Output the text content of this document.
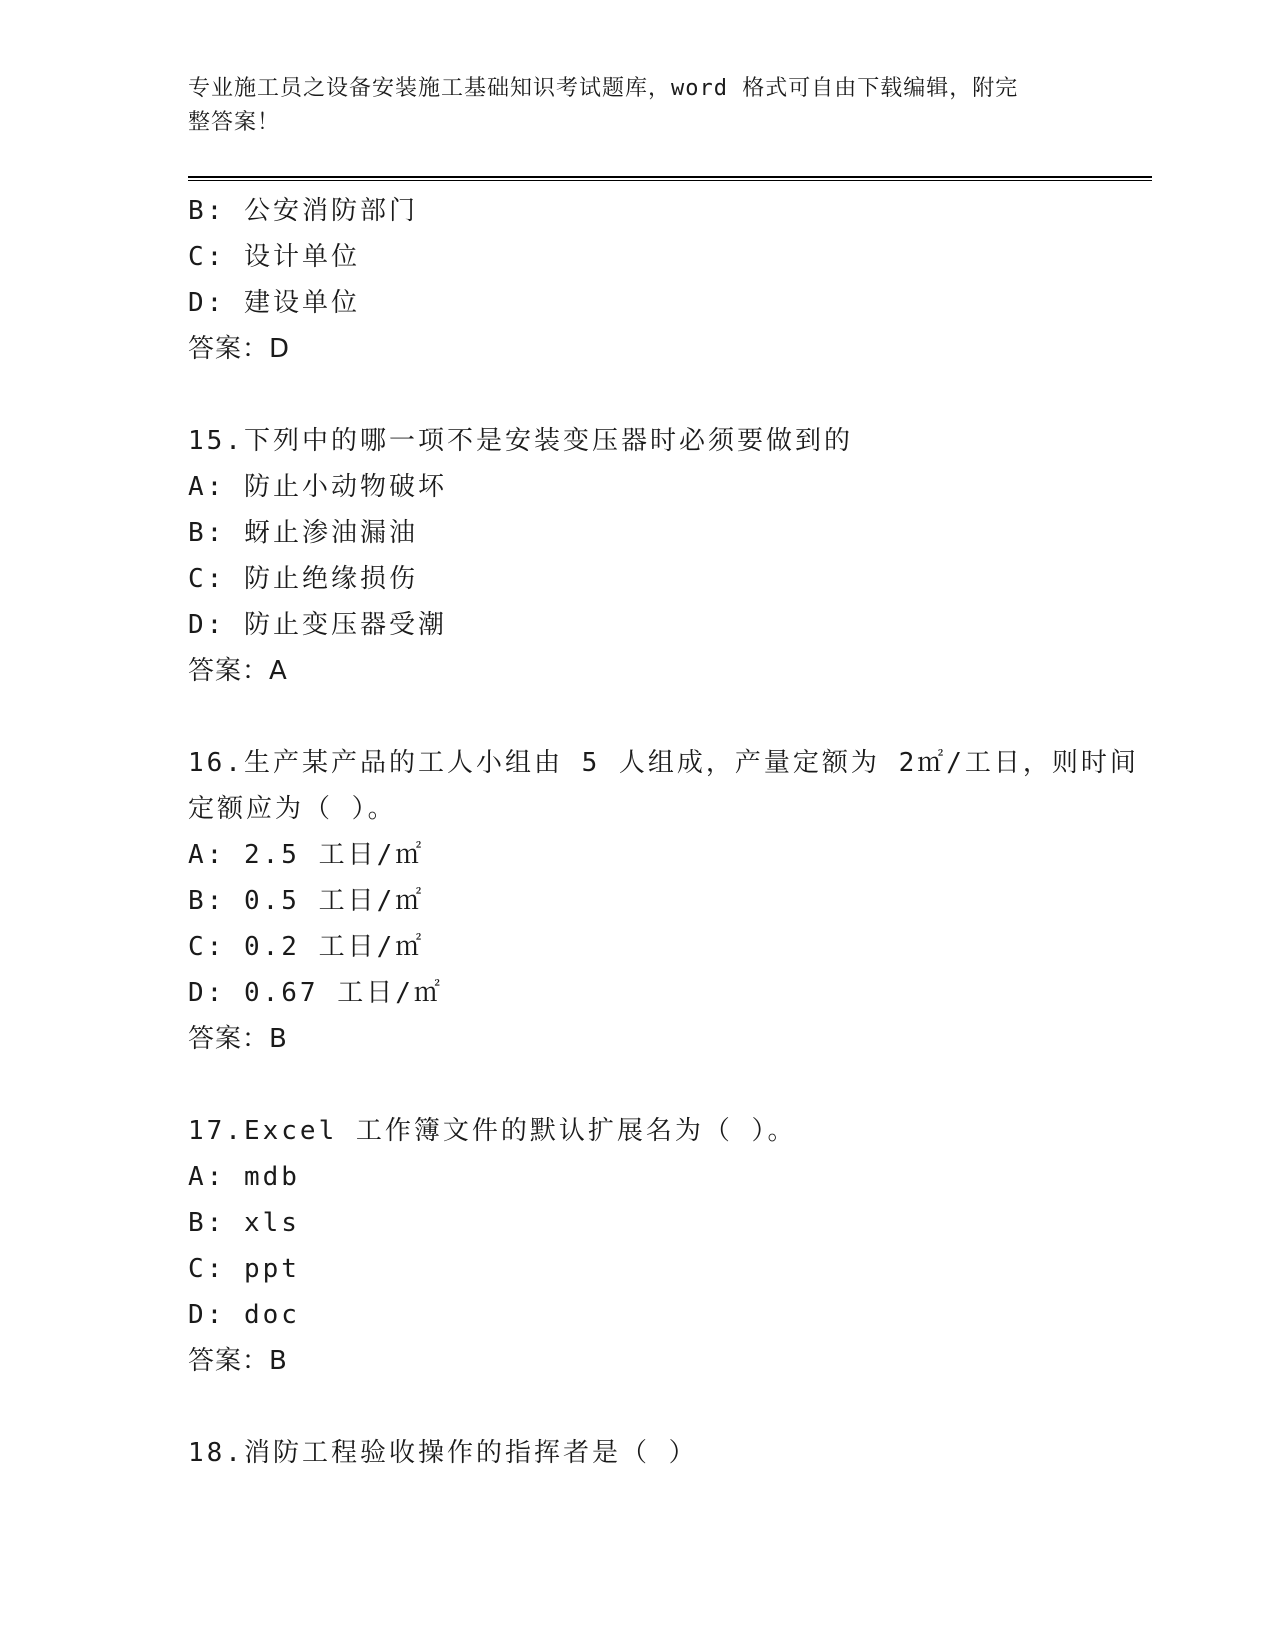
专业施工员之设备安装施工基础知识考试题库，word 格式可自由下载编辑，附完
整答案！
B: 公安消防部门
C: 设计单位
D: 建设单位
答案：D
15.下列中的哪一项不是安装变压器时必须要做到的
A: 防止小动物破坏
B: 蚜止渗油漏油
C: 防止绝缘损伤
D: 防止变压器受潮
答案：A
16.生产某产品的工人小组由 5 人组成，产量定额为 2㎡/工日，则时间
定额应为（ ）。
A: 2.5 工日/㎡
B: 0.5 工日/㎡
C: 0.2 工日/㎡
D: 0.67 工日/㎡
答案：B
17.Excel 工作簿文件的默认扩展名为（ ）。
A: mdb
B: xls
C: ppt
D: doc
答案：B
18.消防工程验收操作的指挥者是（ ）
